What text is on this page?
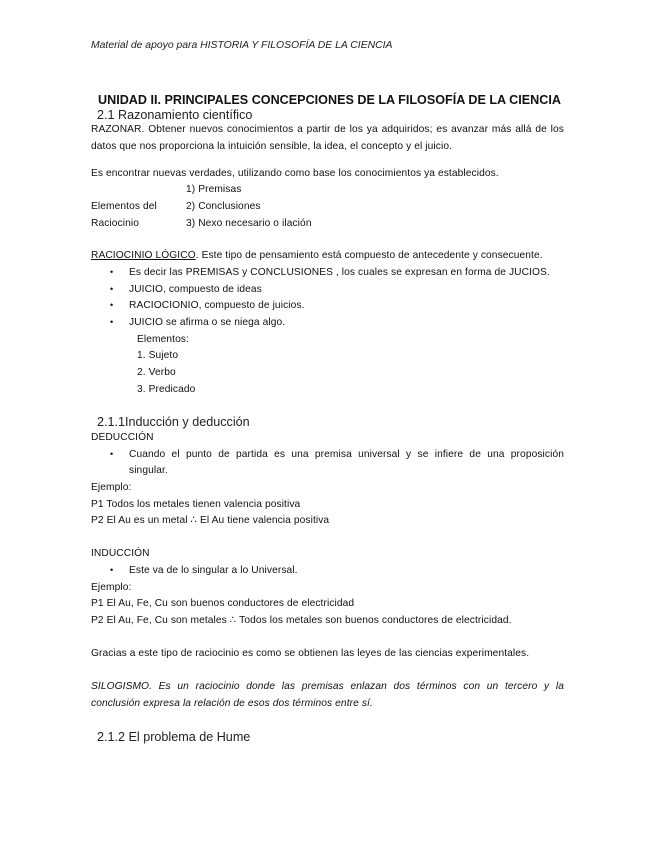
Material de apoyo para HISTORIA Y FILOSOFÍA DE LA CIENCIA
UNIDAD II. PRINCIPALES CONCEPCIONES DE LA FILOSOFÍA DE LA CIENCIA
2.1 Razonamiento científico
RAZONAR. Obtener nuevos conocimientos a partir de los ya adquiridos; es avanzar más allá de los
datos que nos proporciona la intuición sensible, la idea, el concepto y el juicio.
Es encontrar nuevas verdades, utilizando como base los conocimientos ya establecidos.
1) Premisas
Elementos del	2) Conclusiones
Raciocinio	3) Nexo necesario o ilación
RACIOCINIO LÓGICO. Este tipo de pensamiento está compuesto de antecedente y consecuente.
• Es decir las PREMISAS y CONCLUSIONES , los cuales se expresan en forma de JUCIOS.
• JUICIO, compuesto de ideas
• RACIOCIONIO, compuesto de juicios.
• JUICIO se afirma o se niega algo.
Elementos:
1. Sujeto
2. Verbo
3. Predicado
2.1.1Inducción y deducción
DEDUCCIÓN
• Cuando el punto de partida es una premisa universal y se infiere de una proposición
singular.
Ejemplo:
P1 Todos los metales tienen valencia positiva
P2 El Au es un metal ∴ El Au tiene valencia positiva
INDUCCIÓN
• Este va de lo singular a lo Universal.
Ejemplo:
P1 El Au, Fe, Cu son buenos conductores de electricidad
P2 El Au, Fe, Cu son metales ∴ Todos los metales son buenos conductores de electricidad.
Gracias a este tipo de raciocinio es como se obtienen las leyes de las ciencias experimentales.
SILOGISMO. Es un raciocinio donde las premisas enlazan dos términos con un tercero y la
conclusión expresa la relación de esos dos términos entre sí.
2.1.2 El problema de Hume
